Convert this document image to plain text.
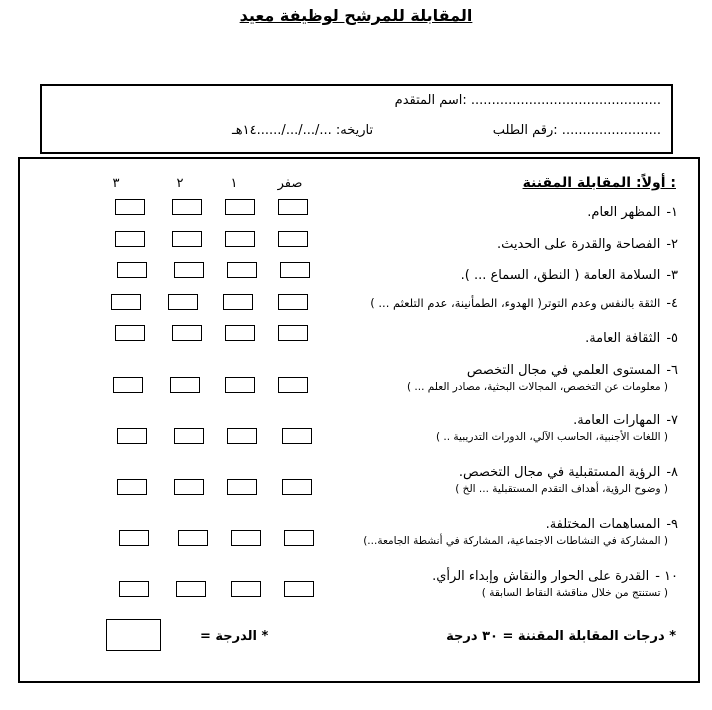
المقابلة للمرشح لوظيفة معيد
اسم المتقدم: ..............................................
رقم الطلب: ........................
تاريخه: .../.../.../......١٤هـ
أولاً: المقابلة المقننة :
صفر
١
٢
٣
١-المظهر العام.
٢-الفصاحة والقدرة على الحديث.
٣-السلامة العامة ( النطق، السماع ... ).
٤-الثقة بالنفس وعدم التوتر( الهدوء، الطمأنينة، عدم التلعثم ... )
٥-الثقافة العامة.
٦-المستوى العلمي في مجال التخصص
( معلومات عن التخصص، المجالات البحثية، مصادر العلم ... )
٧-المهارات العامة.
( اللغات الأجنبية، الحاسب الآلي، الدورات التدريبية .. )
٨-الرؤية المستقبلية في مجال التخصص.
( وضوح الرؤية، أهداف التقدم المستقبلية ... الخ )
٩-المساهمات المختلفة.
( المشاركة في النشاطات الاجتماعية، المشاركة في أنشطة الجامعة...)
١٠ -القدرة على الحوار والنقاش وإبداء الرأي.
( تستنتج من خلال مناقشة النقاط السابقة )
* درجات المقابلة المقننة = ٣٠ درجة
* الدرجة =
